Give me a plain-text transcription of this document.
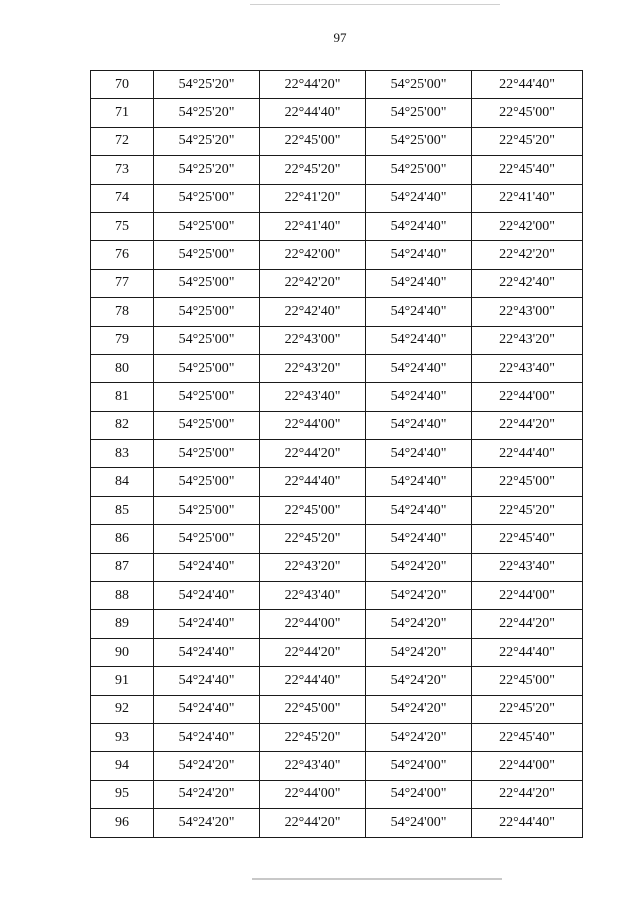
97
70	54°25'20"	22°44'20"	54°25'00"	22°44'40"
71	54°25'20"	22°44'40"	54°25'00"	22°45'00"
72	54°25'20"	22°45'00"	54°25'00"	22°45'20"
73	54°25'20"	22°45'20"	54°25'00"	22°45'40"
74	54°25'00"	22°41'20"	54°24'40"	22°41'40"
75	54°25'00"	22°41'40"	54°24'40"	22°42'00"
76	54°25'00"	22°42'00"	54°24'40"	22°42'20"
77	54°25'00"	22°42'20"	54°24'40"	22°42'40"
78	54°25'00"	22°42'40"	54°24'40"	22°43'00"
79	54°25'00"	22°43'00"	54°24'40"	22°43'20"
80	54°25'00"	22°43'20"	54°24'40"	22°43'40"
81	54°25'00"	22°43'40"	54°24'40"	22°44'00"
82	54°25'00"	22°44'00"	54°24'40"	22°44'20"
83	54°25'00"	22°44'20"	54°24'40"	22°44'40"
84	54°25'00"	22°44'40"	54°24'40"	22°45'00"
85	54°25'00"	22°45'00"	54°24'40"	22°45'20"
86	54°25'00"	22°45'20"	54°24'40"	22°45'40"
87	54°24'40"	22°43'20"	54°24'20"	22°43'40"
88	54°24'40"	22°43'40"	54°24'20"	22°44'00"
89	54°24'40"	22°44'00"	54°24'20"	22°44'20"
90	54°24'40"	22°44'20"	54°24'20"	22°44'40"
91	54°24'40"	22°44'40"	54°24'20"	22°45'00"
92	54°24'40"	22°45'00"	54°24'20"	22°45'20"
93	54°24'40"	22°45'20"	54°24'20"	22°45'40"
94	54°24'20"	22°43'40"	54°24'00"	22°44'00"
95	54°24'20"	22°44'00"	54°24'00"	22°44'20"
96	54°24'20"	22°44'20"	54°24'00"	22°44'40"
